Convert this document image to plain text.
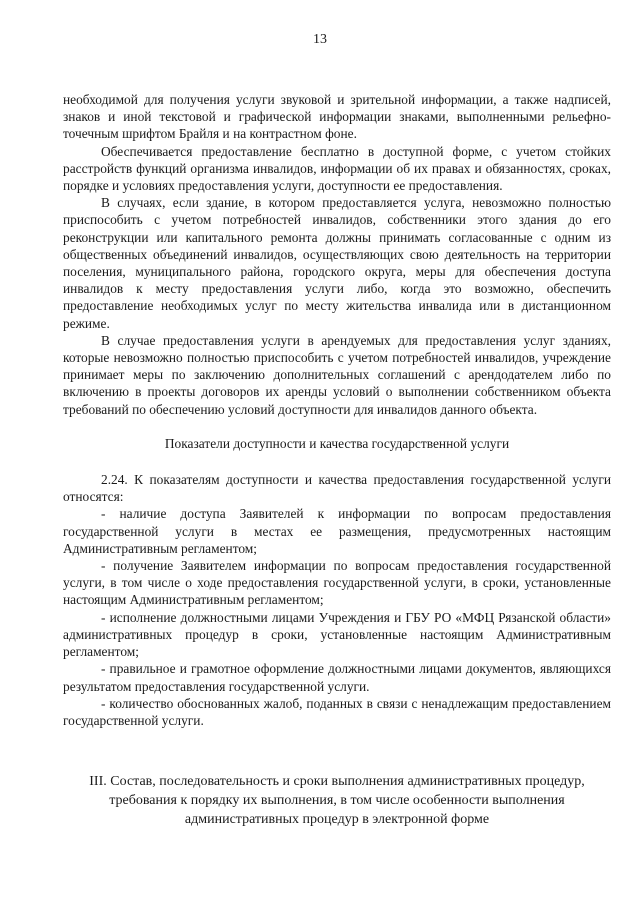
13

необходимой для получения услуги звуковой и зрительной информации, а также надписей, знаков и иной текстовой и графической информации знаками, выполненными рельефно-точечным шрифтом Брайля и на контрастном фоне.

Обеспечивается предоставление бесплатно в доступной форме, с учетом стойких расстройств функций организма инвалидов, информации об их правах и обязанностях, сроках, порядке и условиях предоставления услуги, доступности ее предоставления.

В случаях, если здание, в котором предоставляется услуга, невозможно полностью приспособить с учетом потребностей инвалидов, собственники этого здания до его реконструкции или капитального ремонта должны принимать согласованные с одним из общественных объединений инвалидов, осуществляющих свою деятельность на территории поселения, муниципального района, городского округа, меры для обеспечения доступа инвалидов к месту предоставления услуги либо, когда это возможно, обеспечить предоставление необходимых услуг по месту жительства инвалида или в дистанционном режиме.

В случае предоставления услуги в арендуемых для предоставления услуг зданиях, которые невозможно полностью приспособить с учетом потребностей инвалидов, учреждение принимает меры по заключению дополнительных соглашений с арендодателем либо по включению в проекты договоров их аренды условий о выполнении собственником объекта требований по обеспечению условий доступности для инвалидов данного объекта.

Показатели доступности и качества государственной услуги

2.24. К показателям доступности и качества предоставления государственной услуги относятся:

- наличие доступа Заявителей к информации по вопросам предоставления государственной услуги в местах ее размещения, предусмотренных настоящим Административным регламентом;

- получение Заявителем информации по вопросам предоставления государственной услуги, в том числе о ходе предоставления государственной услуги, в сроки, установленные настоящим Административным регламентом;

- исполнение должностными лицами Учреждения и ГБУ РО «МФЦ Рязанской области» административных процедур в сроки, установленные настоящим Административным регламентом;

- правильное и грамотное оформление должностными лицами документов, являющихся результатом предоставления государственной услуги.

- количество обоснованных жалоб, поданных в связи с ненадлежащим предоставлением государственной услуги.

III. Состав, последовательность и сроки выполнения административных процедур,
требования к порядку их выполнения, в том числе особенности выполнения
административных процедур в электронной форме
